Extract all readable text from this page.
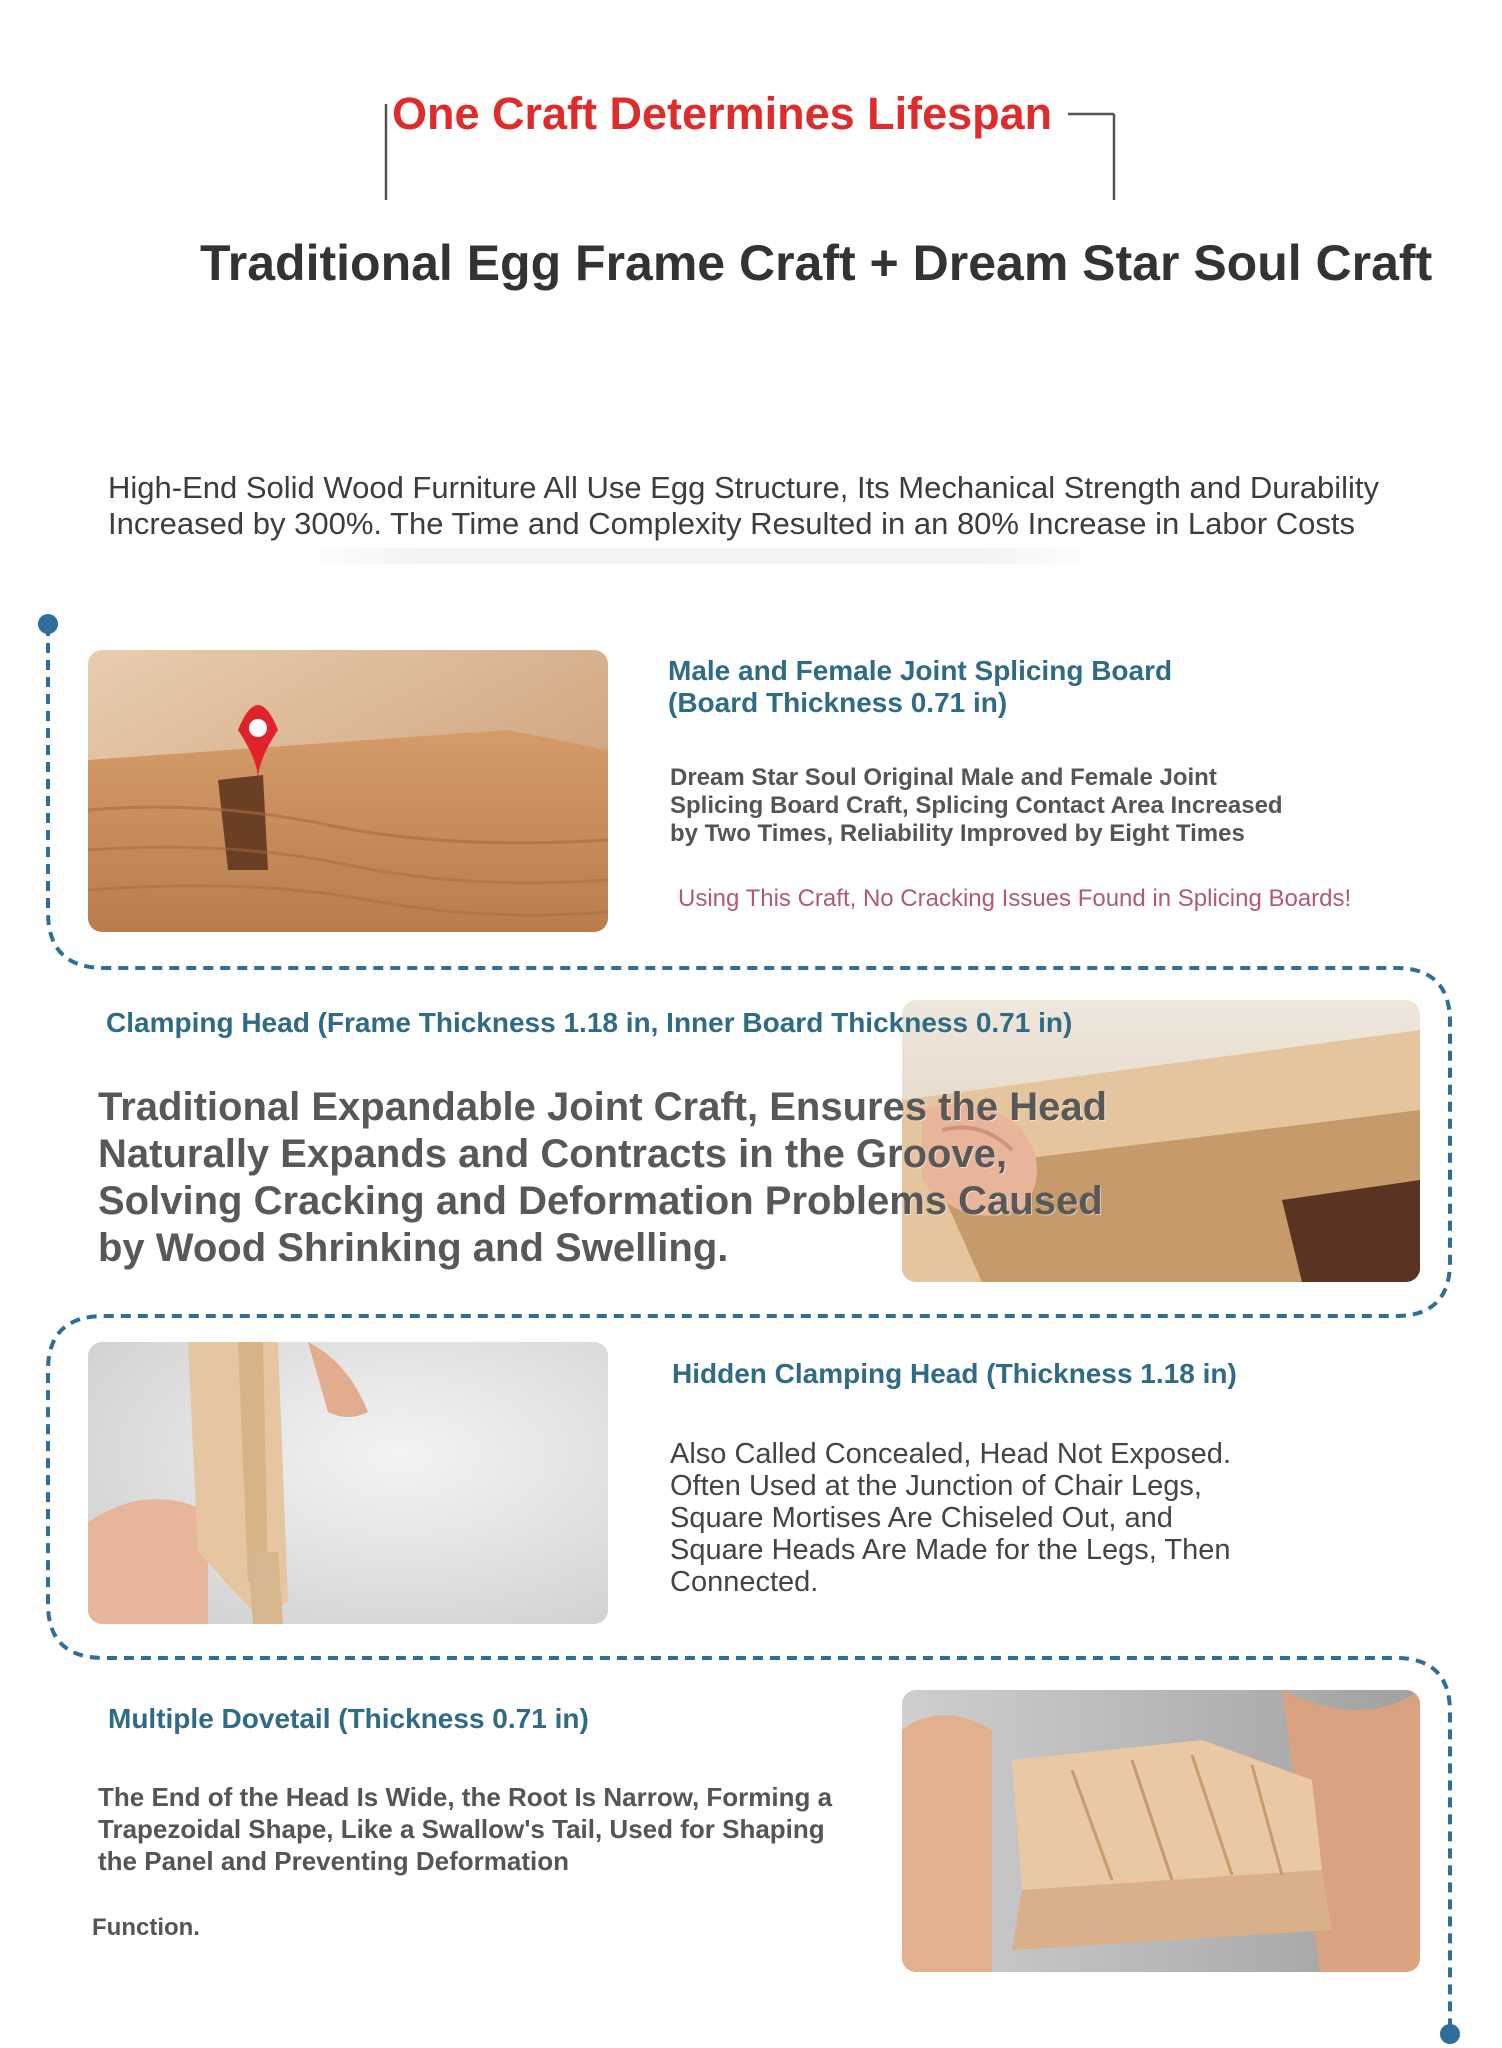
One Craft Determines Lifespan
Traditional Egg Frame Craft + Dream Star Soul Craft
High-End Solid Wood Furniture All Use Egg Structure, Its Mechanical Strength and Durability Increased by 300%. The Time and Complexity Resulted in an 80% Increase in Labor Costs
Male and Female Joint Splicing Board
(Board Thickness 0.71 in)
Dream Star Soul Original Male and Female Joint Splicing Board Craft, Splicing Contact Area Increased by Two Times, Reliability Improved by Eight Times
Using This Craft, No Cracking Issues Found in Splicing Boards!
Clamping Head (Frame Thickness 1.18 in, Inner Board Thickness 0.71 in)
Traditional Expandable Joint Craft, Ensures the Head Naturally Expands and Contracts in the Groove, Solving Cracking and Deformation Problems Caused by Wood Shrinking and Swelling.
Hidden Clamping Head (Thickness 1.18 in)
Also Called Concealed, Head Not Exposed. Often Used at the Junction of Chair Legs, Square Mortises Are Chiseled Out, and Square Heads Are Made for the Legs, Then Connected.
Multiple Dovetail (Thickness 0.71 in)
The End of the Head Is Wide, the Root Is Narrow, Forming a Trapezoidal Shape, Like a Swallow's Tail, Used for Shaping the Panel and Preventing Deformation
Function.
